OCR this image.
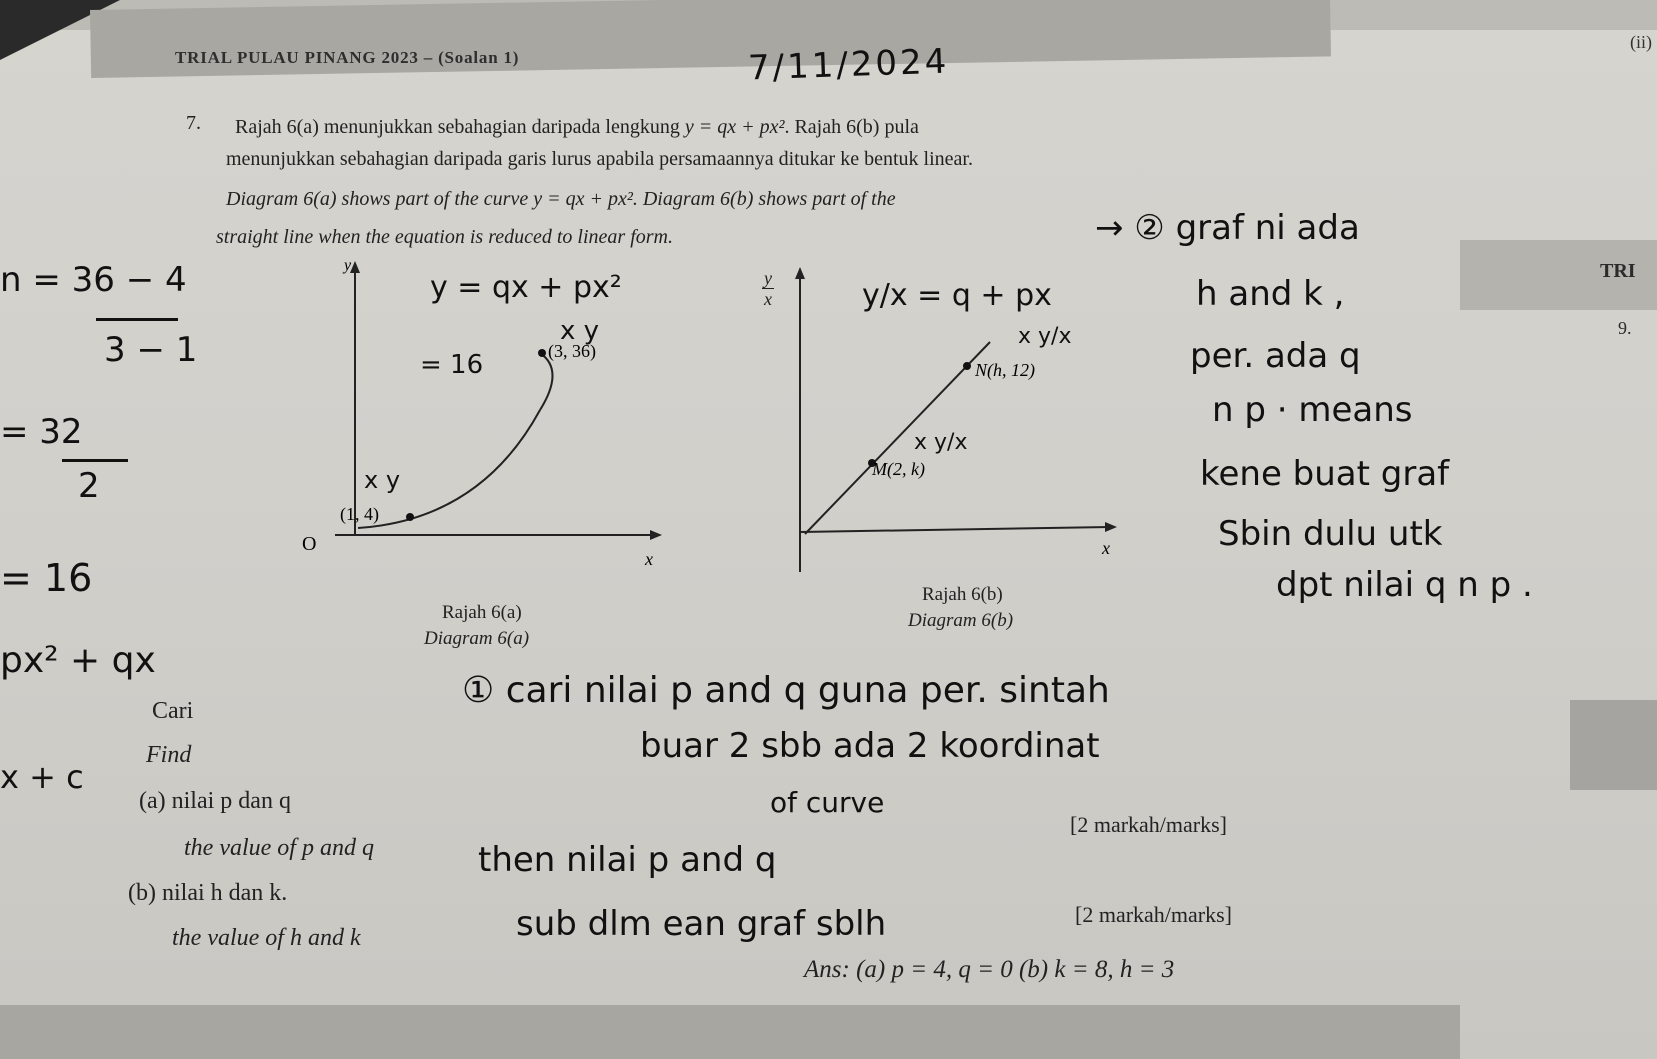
TRIAL PULAU PINANG 2023 – (Soalan 1)	7/11/2024	(ii)
TRI
9.
7. Rajah 6(a) menunjukkan sebahagian daripada lengkung y = qx + px². Rajah 6(b) pula
menunjukkan sebahagian daripada garis lurus apabila persamaannya ditukar ke bentuk linear.
Diagram 6(a) shows part of the curve y = qx + px². Diagram 6(b) shows part of the
straight line when the equation is reduced to linear form.
y
x
O
(1, 4)
(3, 36)
Rajah 6(a)
Diagram 6(a)
y
x
M(2, k)
N(h, 12)
x
Rajah 6(b)
Diagram 6(b)
Cari
Find
(a) nilai p dan q
[2 markah/marks]
the value of p and q
(b) nilai h dan k.
[2 markah/marks]
the value of h and k
Ans: (a) p = 4, q = 0 (b) k = 8, h = 3
n = 36 − 4
3 − 1
= 32
2
= 16
px² + qx
x + c
y = qx + px²
x y
= 16
x y
y/x = q + px
x y/x
x y/x
→ ② graf ni ada
h and k ,
per. ada q
n p · means
kene buat graf
Sbin dulu utk
dpt nilai q n p .
① cari nilai p and q guna per. sintah
buar 2 sbb ada 2 koordinat
of curve
then nilai p and q
sub dlm ean graf sblh
